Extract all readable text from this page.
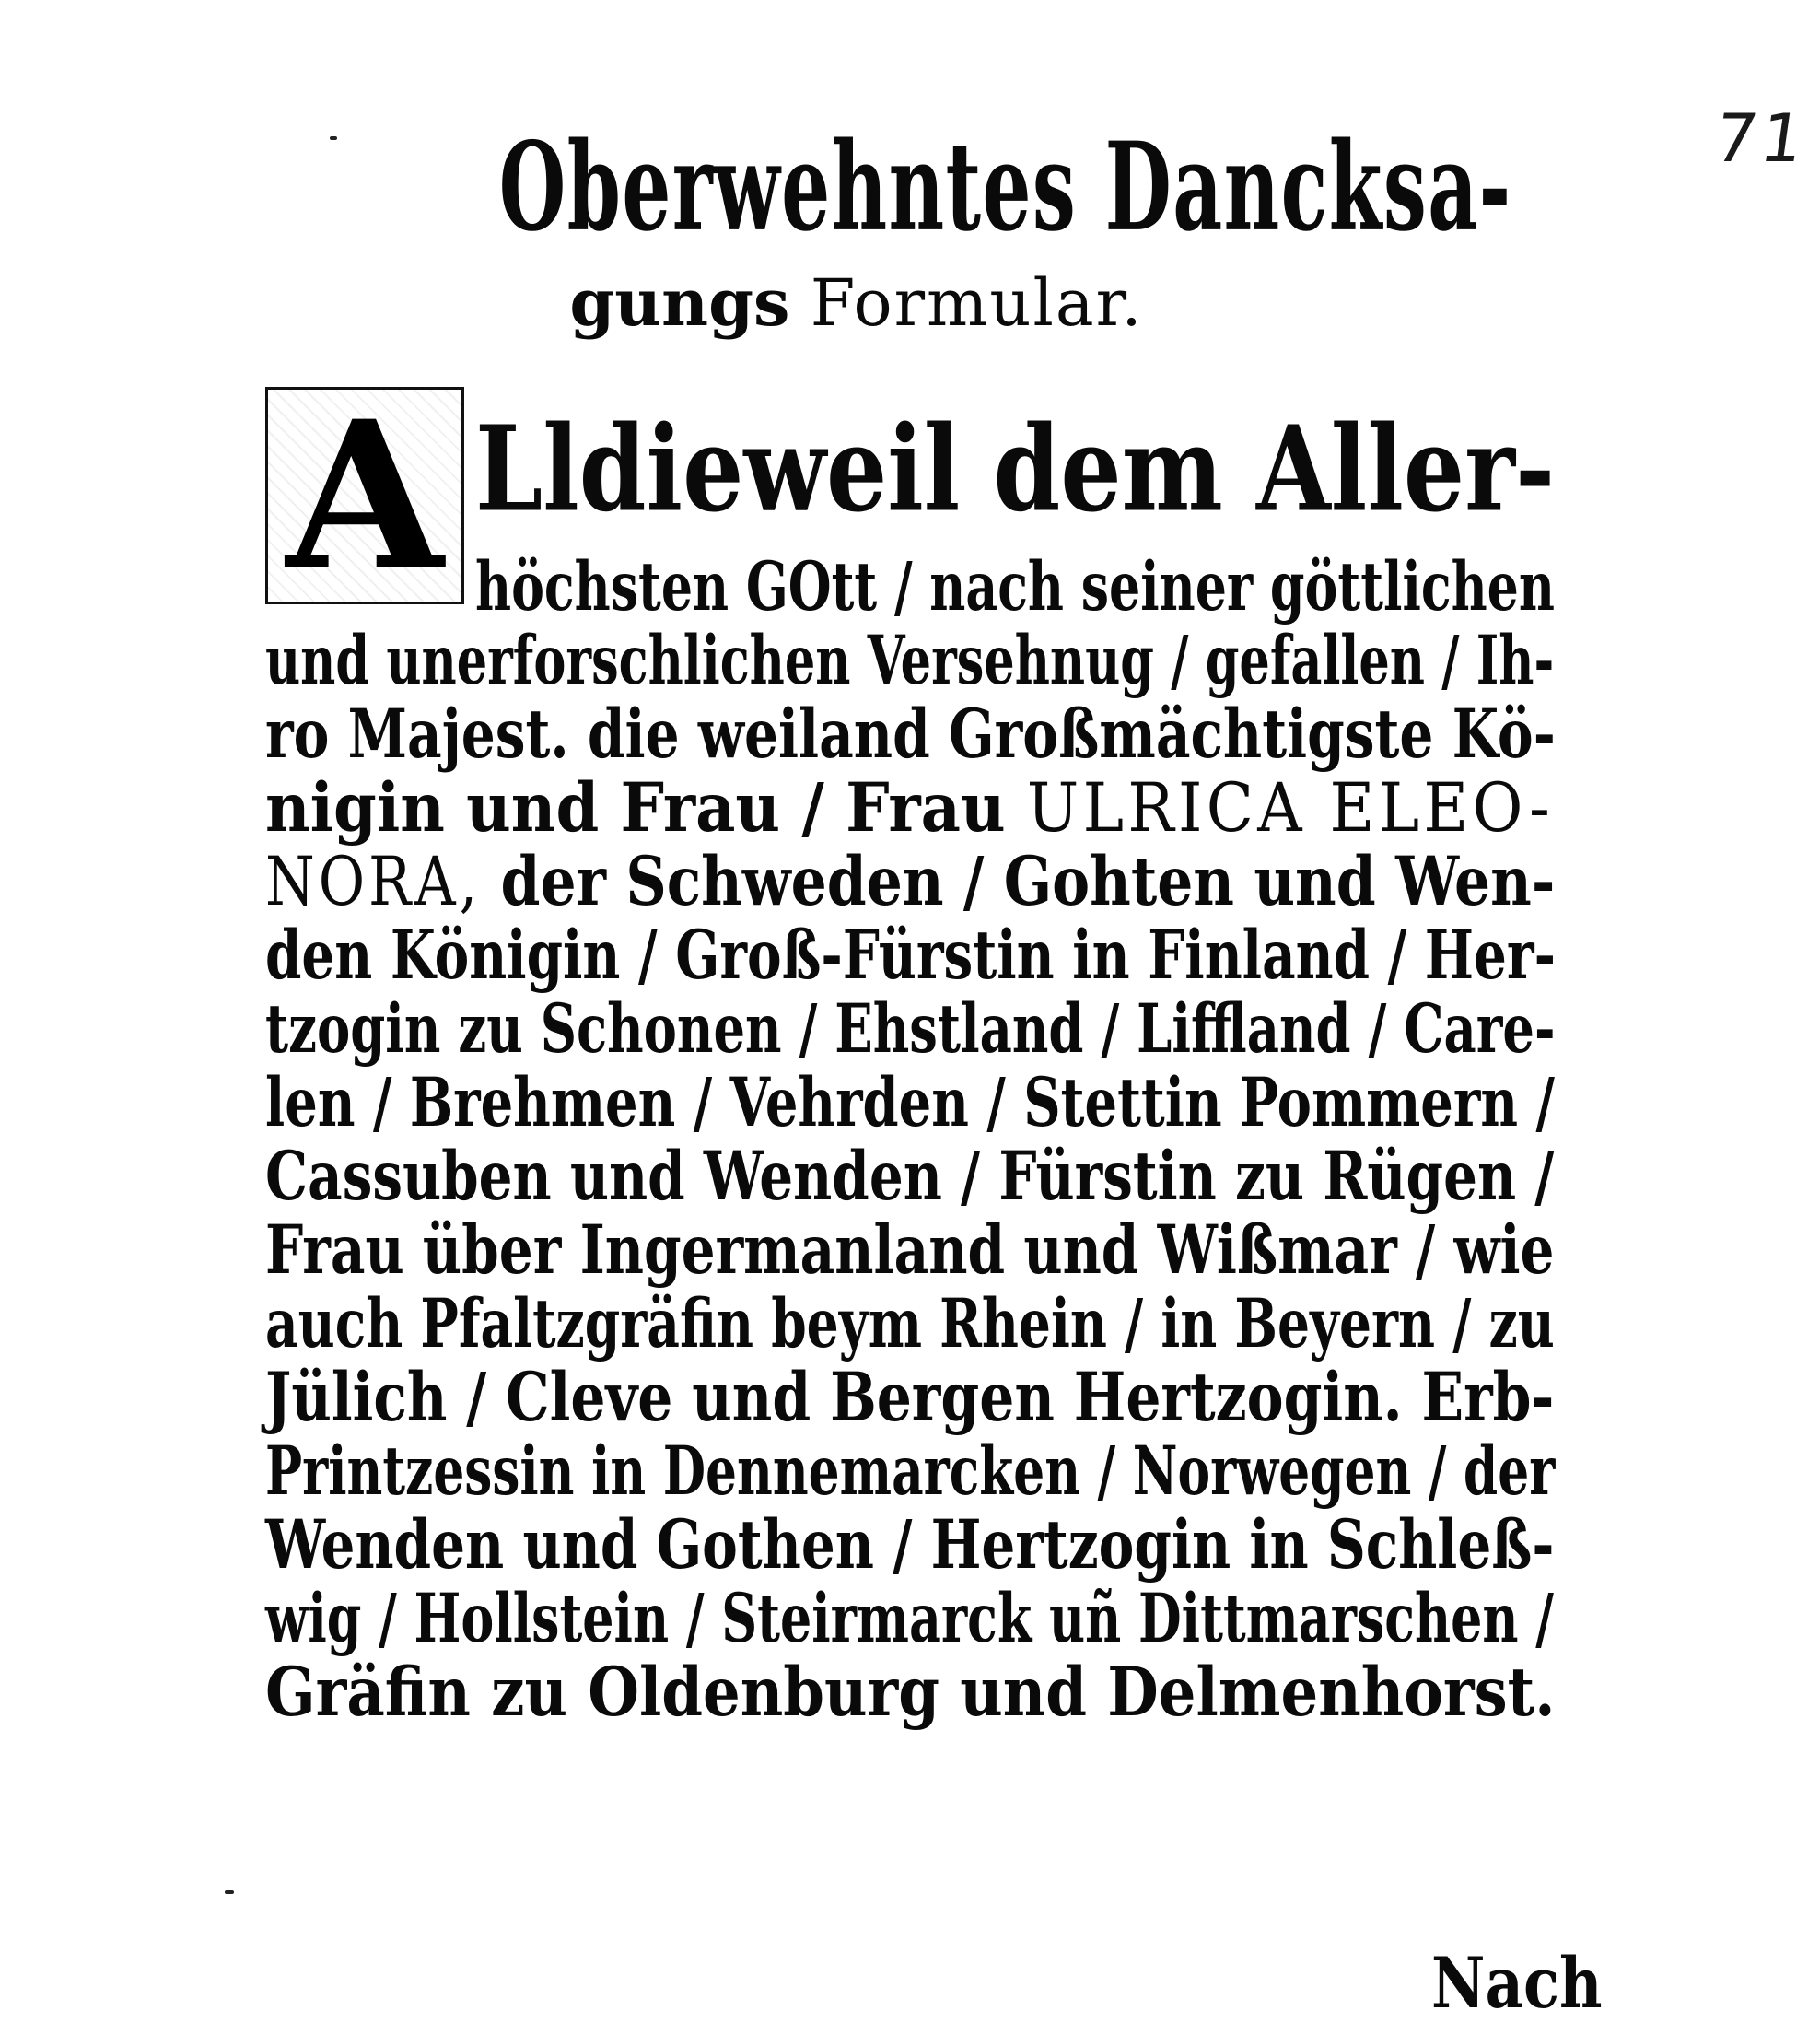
71
Oberwehntes Dancksa-
gungs Formular.
A Lldieweil dem Aller-
höchsten GOtt / nach seiner göttlichen
und unerforschlichen Versehnug / gefallen / Ih-
ro Majest. die weiland Großmächtigste Kö-
nigin und Frau / Frau ULRICA ELEO-
NORA, der Schweden / Gohten und Wen-
den Königin / Groß-Fürstin in Finland / Her-
tzogin zu Schonen / Ehstland / Liffland / Care-
len / Brehmen / Vehrden / Stettin Pommern /
Cassuben und Wenden / Fürstin zu Rügen /
Frau über Ingermanland und Wißmar / wie
auch Pfaltzgräfin beym Rhein / in Beyern / zu
Jülich / Cleve und Bergen Hertzogin. Erb-
Printzessin in Dennemarcken / Norwegen / der
Wenden und Gothen / Hertzogin in Schleß-
wig / Hollstein / Steirmarck uñ Dittmarschen /
Gräfin zu Oldenburg und Delmenhorst.
Nach
